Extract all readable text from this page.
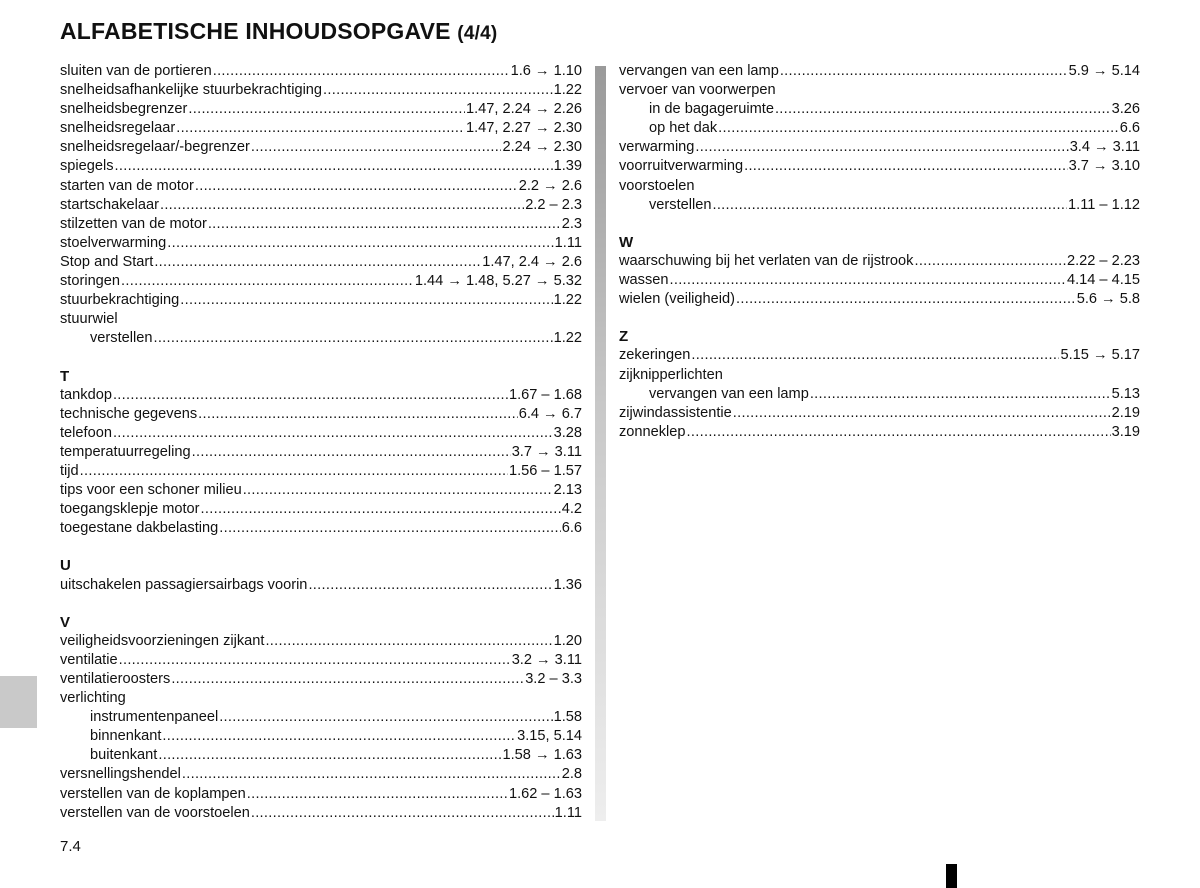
ALFABETISCHE INHOUDSOPGAVE (4/4)
sluiten van de portieren .....	1.6 → 1.10
snelheidsafhankelijke stuurbekrachtiging .....	1.22
snelheidsbegrenzer .....	1.47, 2.24 → 2.26
snelheidsregelaar .....	1.47, 2.27 → 2.30
snelheidsregelaar/-begrenzer .....	2.24 → 2.30
spiegels .....	1.39
starten van de motor .....	2.2 → 2.6
startschakelaar .....	2.2 – 2.3
stilzetten van de motor .....	2.3
stoelverwarming .....	1.11
Stop and Start .....	1.47, 2.4 → 2.6
storingen .....	1.44 → 1.48, 5.27 → 5.32
stuurbekrachtiging .....	1.22
stuurwiel
verstellen .....	1.22
T
tankdop .....	1.67 – 1.68
technische gegevens .....	6.4 → 6.7
telefoon .....	3.28
temperatuurregeling .....	3.7 → 3.11
tijd .....	1.56 – 1.57
tips voor een schoner milieu .....	2.13
toegangsklepje motor .....	4.2
toegestane dakbelasting .....	6.6
U
uitschakelen passagiersairbags voorin .....	1.36
V
veiligheidsvoorzieningen zijkant .....	1.20
ventilatie .....	3.2 → 3.11
ventilatieroosters .....	3.2 – 3.3
verlichting
instrumentenpaneel .....	1.58
binnenkant .....	3.15, 5.14
buitenkant .....	1.58 → 1.63
versnellingshendel .....	2.8
verstellen van de koplampen .....	1.62 – 1.63
verstellen van de voorstoelen .....	1.11
vervangen van een lamp .....	5.9 → 5.14
vervoer van voorwerpen
in de bagageruimte .....	3.26
op het dak .....	6.6
verwarming .....	3.4 → 3.11
voorruitverwarming .....	3.7 → 3.10
voorstoelen
verstellen .....	1.11 – 1.12
W
waarschuwing bij het verlaten van de rijstrook .....	2.22 – 2.23
wassen .....	4.14 – 4.15
wielen (veiligheid) .....	5.6 → 5.8
Z
zekeringen .....	5.15 → 5.17
zijknipperlichten
vervangen van een lamp .....	5.13
zijwindassistentie .....	2.19
zonneklep .....	3.19
7.4
